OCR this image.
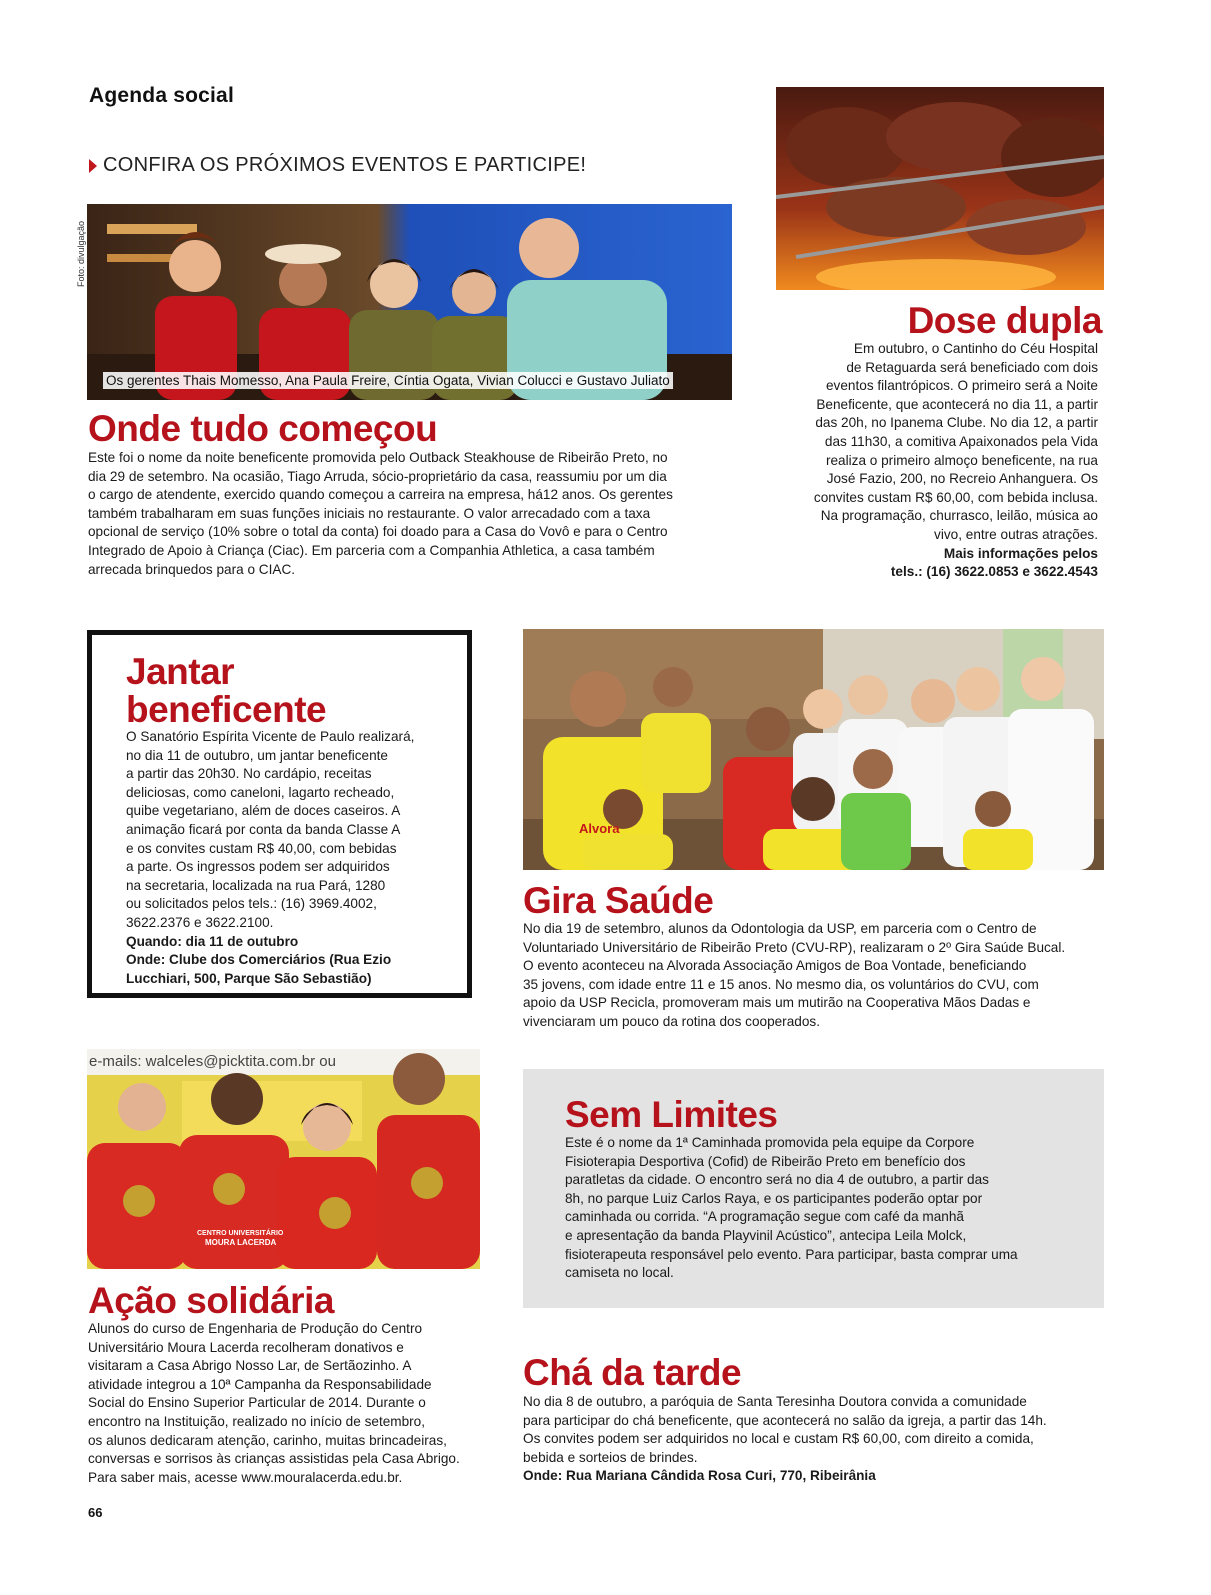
Agenda social
CONFIRA OS PRÓXIMOS EVENTOS E PARTICIPE!
Foto: divulgação
Os gerentes Thais Momesso, Ana Paula Freire, Cíntia Ogata, Vivian Colucci e Gustavo Juliato
Onde tudo começou
Este foi o nome da noite beneficente promovida pelo Outback Steakhouse de Ribeirão Preto, no
dia 29 de setembro. Na ocasião, Tiago Arruda, sócio-proprietário da casa, reassumiu por um dia
o cargo de atendente, exercido quando começou a carreira na empresa, há12 anos. Os gerentes
também trabalharam em suas funções iniciais no restaurante. O valor arrecadado com a taxa
opcional de serviço (10% sobre o total da conta) foi doado para a Casa do Vovô e para o Centro
Integrado de Apoio à Criança (Ciac). Em parceria com a Companhia Athletica, a casa também
arrecada brinquedos para o CIAC.
Dose dupla
Em outubro, o Cantinho do Céu Hospital
de Retaguarda será beneficiado com dois
eventos filantrópicos. O primeiro será a Noite
Beneficente, que acontecerá no dia 11, a partir
das 20h, no Ipanema Clube. No dia 12, a partir
das 11h30, a comitiva Apaixonados pela Vida
realiza o primeiro almoço beneficente, na rua
José Fazio, 200, no Recreio Anhanguera. Os
convites custam R$ 60,00, com bebida inclusa.
Na programação, churrasco, leilão, música ao
vivo, entre outras atrações.
Mais informações pelos
tels.: (16) 3622.0853 e 3622.4543
Jantar
beneficente
O Sanatório Espírita Vicente de Paulo realizará,
no dia 11 de outubro, um jantar beneficente
a partir das 20h30. No cardápio, receitas
deliciosas, como caneloni, lagarto recheado,
quibe vegetariano, além de doces caseiros. A
animação ficará por conta da banda Classe A
e os convites custam R$ 40,00, com bebidas
a parte. Os ingressos podem ser adquiridos
na secretaria, localizada na rua Pará, 1280
ou solicitados pelos tels.: (16) 3969.4002,
3622.2376 e 3622.2100.
Quando: dia 11 de outubro
Onde: Clube dos Comerciários (Rua Ezio
Lucchiari, 500, Parque São Sebastião)
Alvora
Gira Saúde
No dia 19 de setembro, alunos da Odontologia da USP, em parceria com o Centro de
Voluntariado Universitário de Ribeirão Preto (CVU-RP), realizaram o 2º Gira Saúde Bucal.
O evento aconteceu na Alvorada Associação Amigos de Boa Vontade, beneficiando
35 jovens, com idade entre 11 e 15 anos. No mesmo dia, os voluntários do CVU, com
apoio da USP Recicla, promoveram mais um mutirão na Cooperativa Mãos Dadas e
vivenciaram um pouco da rotina dos cooperados.
e-mails: walceles@picktita.com.br ou
CENTRO UNIVERSITÁRIO
MOURA LACERDA
Ação solidária
Alunos do curso de Engenharia de Produção do Centro
Universitário Moura Lacerda recolheram donativos e
visitaram a Casa Abrigo Nosso Lar, de Sertãozinho. A
atividade integrou a 10ª Campanha da Responsabilidade
Social do Ensino Superior Particular de 2014. Durante o
encontro na Instituição, realizado no início de setembro,
os alunos dedicaram atenção, carinho, muitas brincadeiras,
conversas e sorrisos às crianças assistidas pela Casa Abrigo.
Para saber mais, acesse www.mouralacerda.edu.br.
Sem Limites
Este é o nome da 1ª Caminhada promovida pela equipe da Corpore
Fisioterapia Desportiva (Cofid) de Ribeirão Preto em benefício dos
paratletas da cidade. O encontro será no dia 4 de outubro, a partir das
8h, no parque Luiz Carlos Raya, e os participantes poderão optar por
caminhada ou corrida. “A programação segue com café da manhã
e apresentação da banda Playvinil Acústico”, antecipa Leila Molck,
fisioterapeuta responsável pelo evento. Para participar, basta comprar uma
camiseta no local.
Chá da tarde
No dia 8 de outubro, a paróquia de Santa Teresinha Doutora convida a comunidade
para participar do chá beneficente, que acontecerá no salão da igreja, a partir das 14h.
Os convites podem ser adquiridos no local e custam R$ 60,00, com direito a comida,
bebida e sorteios de brindes.
Onde: Rua Mariana Cândida Rosa Curi, 770, Ribeirânia
66
